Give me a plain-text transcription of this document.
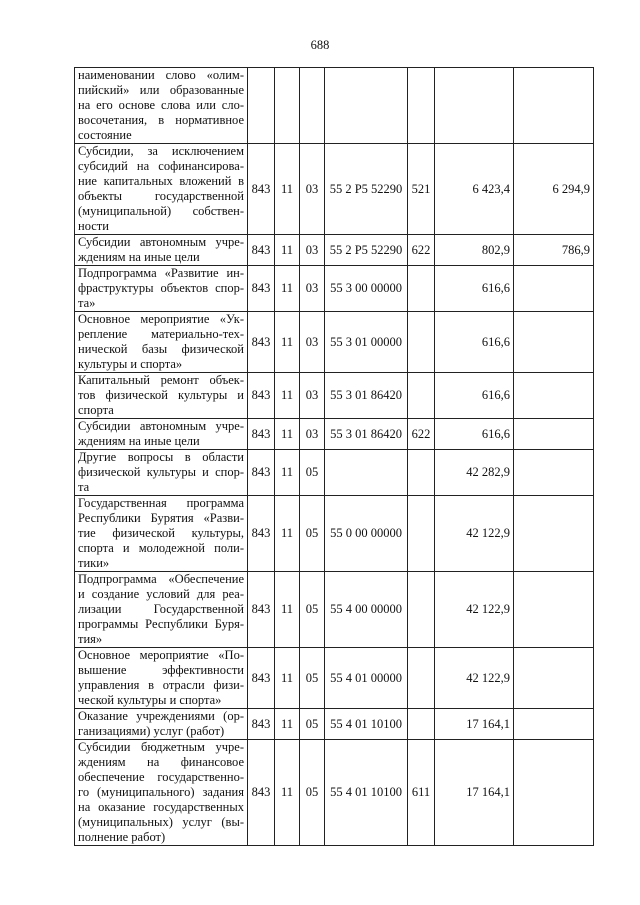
688
наименовании слово «олим-пийский» или образованные на его основе слова или сло-восочетания, в нормативное состояние							
Субсидии, за исключением субсидий на софинансирова-ние капитальных вложений в объекты государственной (муниципальной) собствен-ности	843	11	03	55 2 P5 52290	521	6 423,4	6 294,9
Субсидии автономным учре-ждениям на иные цели	843	11	03	55 2 P5 52290	622	802,9	786,9
Подпрограмма «Развитие ин-фраструктуры объектов спор-та»	843	11	03	55 3 00 00000		616,6	
Основное мероприятие «Ук-репление материально-тех-нической базы физической культуры и спорта»	843	11	03	55 3 01 00000		616,6	
Капитальный ремонт объек-тов физической культуры и спорта	843	11	03	55 3 01 86420		616,6	
Субсидии автономным учре-ждениям на иные цели	843	11	03	55 3 01 86420	622	616,6	
Другие вопросы в области физической культуры и спор-та	843	11	05			42 282,9	
Государственная программа Республики Бурятия «Разви-тие физической культуры, спорта и молодежной поли-тики»	843	11	05	55 0 00 00000		42 122,9	
Подпрограмма «Обеспечение и создание условий для реа-лизации Государственной программы Республики Буря-тия»	843	11	05	55 4 00 00000		42 122,9	
Основное мероприятие «По-вышение эффективности управления в отрасли физи-ческой культуры и спорта»	843	11	05	55 4 01 00000		42 122,9	
Оказание учреждениями (ор-ганизациями) услуг (работ)	843	11	05	55 4 01 10100		17 164,1	
Субсидии бюджетным учре-ждениям на финансовое обеспечение государственно-го (муниципального) задания на оказание государственных (муниципальных) услуг (вы-полнение работ)	843	11	05	55 4 01 10100	611	17 164,1	
